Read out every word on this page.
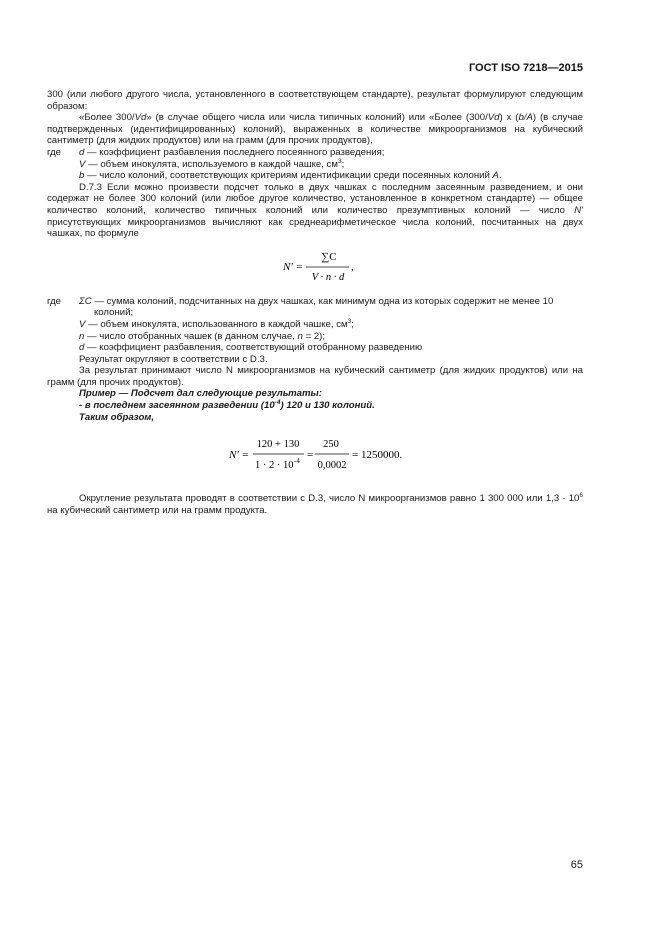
ГОСТ ISO 7218—2015

300 (или любого другого числа, установленного в соответствующем стандарте), результат формулируют следующим образом:

«Более 300/Vd» (в случае общего числа или числа типичных колоний) или «Более (300/Vd) x (b/A) (в случае подтвержденных (идентифицированных) колоний), выраженных в количестве микроорганизмов на кубический сантиметр (для жидких продуктов) или на грамм (для прочих продуктов),

где	d — коэффициент разбавления последнего посеянного разведения;
V — объем инокулята, используемого в каждой чашке, $см^3$;
b — число колоний, соответствующих критериям идентификации среди посеянных колоний A.

D.7.3 Если можно произвести подсчет только в двух чашках с последним засеянным разведением, и они содержат не более 300 колоний (или любое другое количество, установленное в конкретном стандарте) — общее количество колоний, количество типичных колоний или количество презумптивных колоний — число N' присутствующих микроорганизмов вычисляют как среднеарифметическое числа колоний, посчитанных на двух чашках, по формуле

N' =
∑C
V · n · d
,
где	ΣC — сумма колоний, подсчитанных на двух чашках, как минимум одна из которых содержит не менее 10 колоний;
V — объем инокулята, использованного в каждой чашке, $см^3$;
n — число отобранных чашек (в данном случае, n = 2);
d — коэффициент разбавления, соответствующий отобранному разведению

Результат округляют в соответствии с D.3.

За результат принимают число N микроорганизмов на кубический сантиметр (для жидких продуктов) или на грамм (для прочих продуктов).

Пример — Подсчет дал следующие результаты:

- в последнем засеянном разведении $(10^{-4})$ 120 и 130 колоний.

Таким образом,

N' =
120 + 130
1 · 2 · 10 -4 =
250
0,0002
= 1250000.

Округление результата проводят в соответствии с D.3, число N микроорганизмов равно 1 300 000 или $1,3 \cdot 10^6$ на кубический сантиметр или на грамм продукта.

65
